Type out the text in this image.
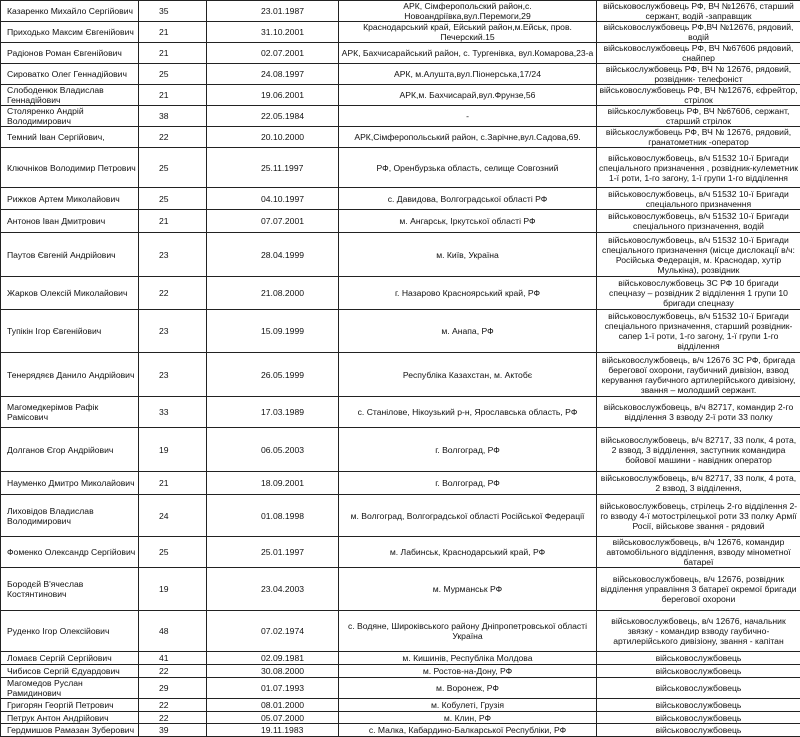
Казаренко Михайло Сергійович	35	23.01.1987	АРК, Сімферопольский район,с. Новоандріївка,вул.Перемоги,29	військовослужбовець РФ, ВЧ №12676, старший сержант, водій -заправщик
Приходько Максим Євгенійович	21	31.10.2001	Краснодарський край, Ейський район,м.Ейськ, пров. Печерский.15	військовослужбовець РФ,ВЧ №12676, рядовий, водій
Радіонов Роман Євгенійович	21	02.07.2001	АРК, Бахчисарайський район, с. Тургенівка, вул.Комарова,23-а	військовослужбовець РФ, ВЧ №67606 рядовий, снайпер
Сироватко Олег Геннадійович	25	24.08.1997	АРК, м.Алушта,вул.Піонерська,17/24	військослужбовець РФ, ВЧ № 12676, рядовий, розвідник- телефоніст
Слободенюк Владислав Геннадійович	21	19.06.2001	АРК,м. Бахчисарай,вул.Фрунзе,56	військовослужбовець РФ, ВЧ №12676, єфрейтор, стрілок
Столяренко Андрій Володимирович	38	22.05.1984	-	військослужбовець РФ, ВЧ №67606, сержант, старший стрілок
Темний Іван Сергійович,	22	20.10.2000	АРК,Сімферопольський район, с.Зарічне,вул.Садова,69.	військослужбовець РФ, ВЧ № 12676, рядовий, гранатометник -оператор
Ключніков Володимир Петрович	25	25.11.1997	РФ, Оренбурзька область, селище Совгозний	військовослужбовець, в/ч 51532 10-ї Бригади спеціального призначення , розвідник-кулеметник 1-ї роти, 1-го загону, 1-ї групи 1-го відділення
Рижков Артем Миколайович	25	04.10.1997	с. Давидова, Волгоградської області РФ	військовослужбовець, в/ч 51532 10-ї Бригади спеціального призначення
Антонов Іван Дмитрович	21	07.07.2001	м. Ангарськ, Іркутської області РФ	військовослужбовець, в/ч 51532 10-ї Бригади спеціального призначення, водій
Паутов Євгеній Андрійович	23	28.04.1999	м. Київ, Україна	військовослужбовець, в/ч 51532 10-ї Бригади спеціального призначення (місце дислокації в/ч: Російська Федерація, м. Краснодар, хутір Мулькіна), розвідник
Жарков Олексій Миколайович	22	21.08.2000	г. Назарово Красноярський край, РФ	військовослужбовець ЗС РФ 10 бригади спецназу – розвідник 2 відділення 1 групи 10 бригади спецназу
Тупікін Ігор Євгенійович	23	15.09.1999	м. Анапа, РФ	військовослужбовець, в/ч 51532 10-ї Бригади спеціального призначення, старший розвідник-сапер 1-ї роти, 1-го загону, 1-ї групи 1-го відділення
Тенерядяєв Данило Андрійович	23	26.05.1999	Республіка Казахстан, м. Актобє	військовослужбовець, в/ч 12676 ЗС РФ, бригада берегової охорони, гаубичний дивізіон, взвод керування гаубичного артилерійського дивізіону, звання – молодший сержант.
Магомедкерімов Рафік Рамісович	33	17.03.1989	с. Станілове, Нікоузький р-н, Ярославська область, РФ	військовослужбовець, в/ч 82717, командир 2-го відділення 3 взводу 2-ї роти 33 полку
Долганов Єгор Андрійович	19	06.05.2003	г. Волгоград, РФ	військовослужбовець, в/ч 82717, 33 полк, 4 рота, 2 взвод, 3 відділення, заступник командира бойової машини - навідник оператор
Науменко Дмитро Миколайович	21	18.09.2001	г. Волгоград, РФ	військовослужбовець, в/ч 82717, 33 полк, 4 рота, 2 взвод, 3 відділення,
Лиховідов Владислав Володимирович	24	01.08.1998	м. Волгоград, Волгоградської області Російської Федерації	військовослужбовець, стрілець 2-го відділення 2-го взводу 4-ї мотострілецької роти 33 полку Армії Росії, військове звання - рядовий
Фоменко Олександр Сергійович	25	25.01.1997	м. Лабинськ, Краснодарський край, РФ	військовослужбовець, в/ч 12676, командир автомобільного відділення, взводу мінометної батареї
Бородєй В'ячеслав Костянтинович	19	23.04.2003	м. Мурманськ РФ	військовослужбовець, в/ч 12676, розвідник відділення управління 3 батареї окремої бригади берегової охорони
Руденко Ігор Олексійович	48	07.02.1974	с. Водяне, Широківського району Дніпропетровської області Україна	військовослужбовець, в/ч 12676, начальник звязку - командир взводу гаубично-артилерійського дивізіону, звання - капітан
Ломаєв Сергій Сергійович	41	02.09.1981	м. Кишинів, Республіка Молдова	військовослужбовець
Чибисов Сергій Єдуардович	22	30.08.2000	м. Ростов-на-Дону, РФ	військовослужбовець
Магомедов Руслан Рамидинович	29	01.07.1993	м. Воронеж, РФ	військовослужбовець
Григорян Георгій Петрович	22	08.01.2000	м. Кобулеті, Грузія	військовослужбовець
Петрук Антон Андрійович	22	05.07.2000	м. Клин, РФ	військовослужбовець
Гердмишов Рамазан Зуберович	39	19.11.1983	с. Малка, Кабардино-Балкарської Республіки, РФ	військовослужбовець
